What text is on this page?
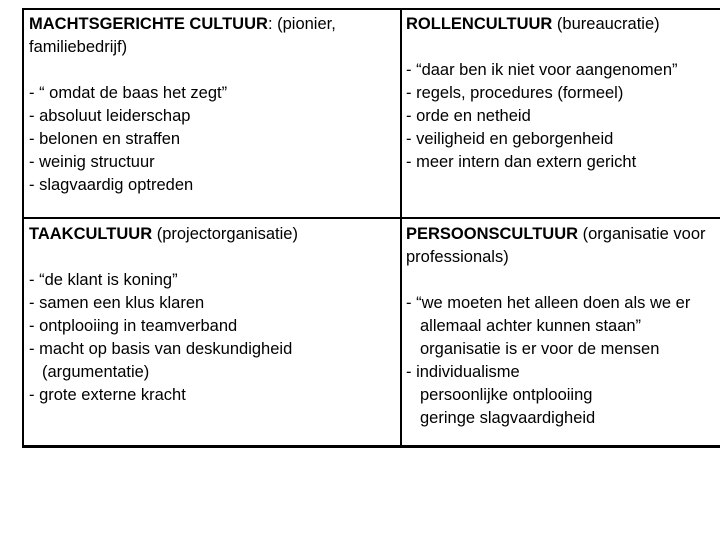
MACHTSGERICHTE CULTUUR: (pionier,
familiebedrijf)
- “ omdat de baas het zegt”
- absoluut leiderschap
- belonen en straffen
- weinig structuur
- slagvaardig optreden
ROLLENCULTUUR (bureaucratie)
- “daar ben ik niet voor aangenomen”
- regels, procedures (formeel)
- orde en netheid
- veiligheid en geborgenheid
- meer intern dan extern gericht
TAAKCULTUUR (projectorganisatie)
- “de klant is koning”
- samen een klus klaren
- ontplooiing in teamverband
- macht op basis van deskundigheid
(argumentatie)
- grote externe kracht
PERSOONSCULTUUR (organisatie voor
professionals)
- “we moeten het alleen doen als we er
allemaal achter kunnen staan”
organisatie is er voor de mensen
- individualisme
persoonlijke ontplooiing
geringe slagvaardigheid
